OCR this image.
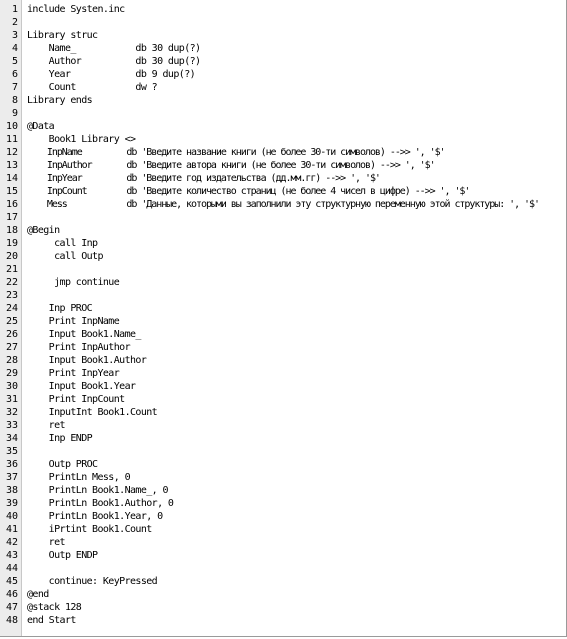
1 include Systen.inc
2
3 Library struc
4 Name_           db 30 dup(?)
5 Author          db 30 dup(?)
6 Year            db 9 dup(?)
7 Count           dw ?
8 Library ends
9
10 @Data
11 Book1 Library <>
12 InpName         db 'Введите название книги (не более 30-ти символов) -->> ', '$'
13 InpAuthor       db 'Введите автора книги (не более 30-ти символов) -->> ', '$'
14 InpYear         db 'Введите год издательства (дд.мм.гг) -->> ', '$'
15 InpCount        db 'Введите количество страниц (не более 4 чисел в цифре) -->> ', '$'
16 Mess            db 'Данные, которыми вы заполнили эту структурную переменную этой структуры: ', '$'
17
18 @Begin
19 call Inp
20 call Outp
21
22 jmp continue
23
24 Inp PROC
25 Print InpName
26 Input Book1.Name_
27 Print InpAuthor
28 Input Book1.Author
29 Print InpYear
30 Input Book1.Year
31 Print InpCount
32 InputInt Book1.Count
33 ret
34 Inp ENDP
35
36 Outp PROC
37 PrintLn Mess, 0
38 PrintLn Book1.Name_, 0
39 PrintLn Book1.Author, 0
40 PrintLn Book1.Year, 0
41 iPrtint Book1.Count
42 ret
43 Outp ENDP
44
45 continue: KeyPressed
46 @end
47 @stack 128
48 end Start
